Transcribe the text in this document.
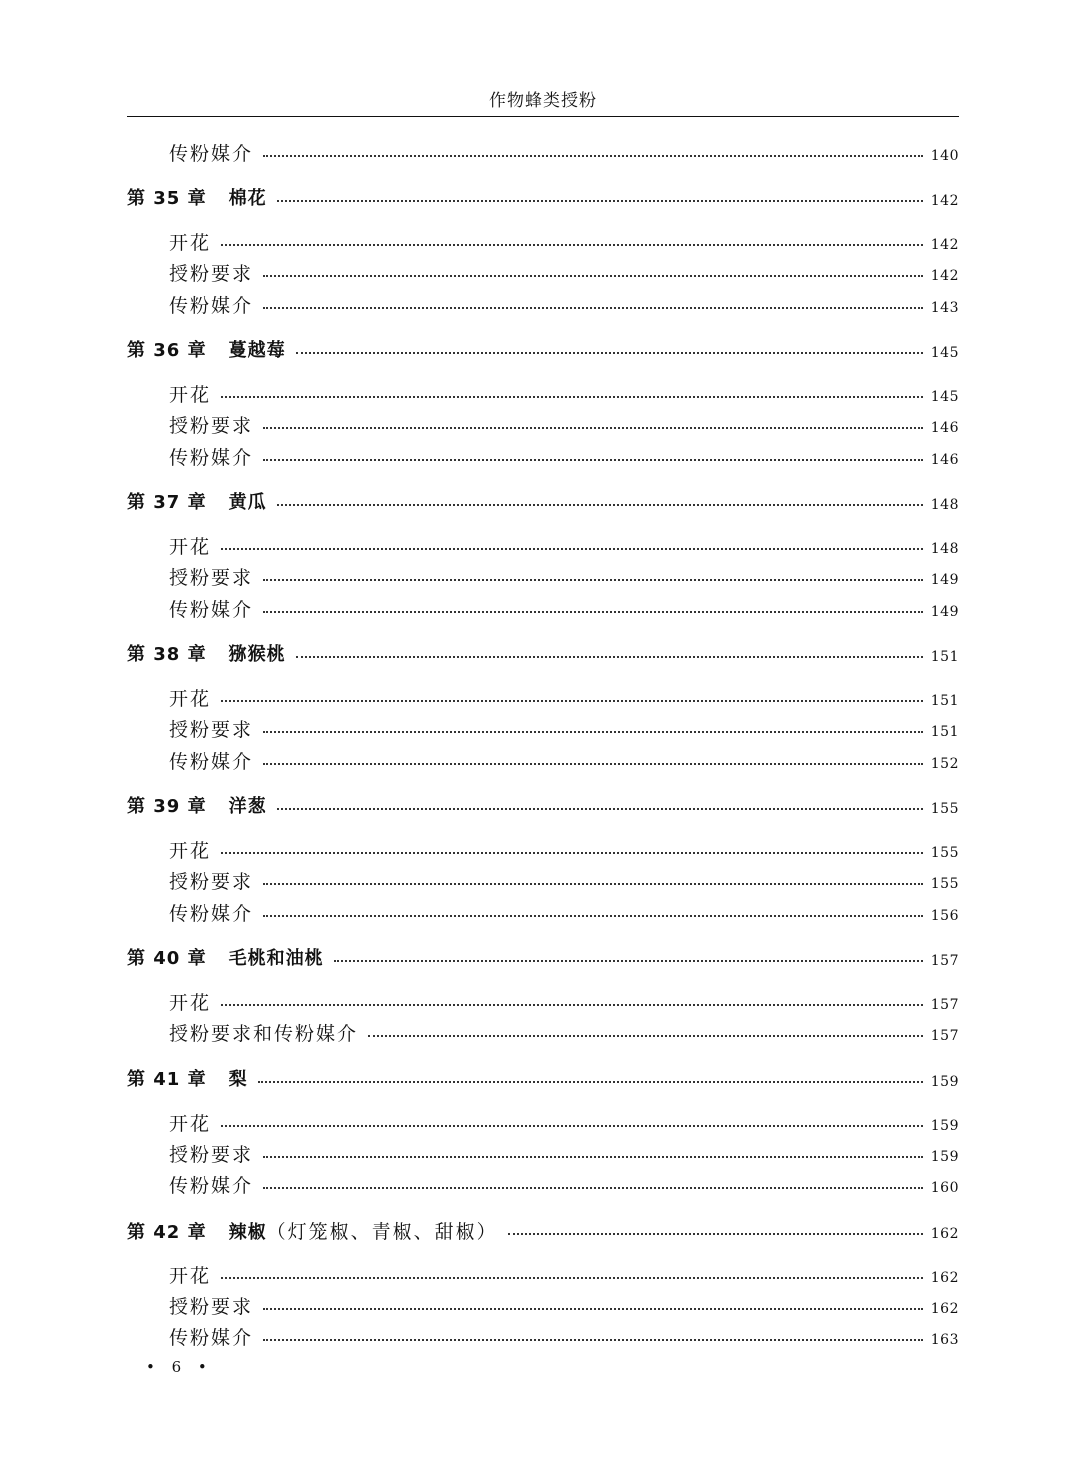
作物蜂类授粉
传粉媒介	140
第 35 章 棉花	142
开花	142
授粉要求	142
传粉媒介	143
第 36 章 蔓越莓	145
开花	145
授粉要求	146
传粉媒介	146
第 37 章 黄瓜	148
开花	148
授粉要求	149
传粉媒介	149
第 38 章 猕猴桃	151
开花	151
授粉要求	151
传粉媒介	152
第 39 章 洋葱	155
开花	155
授粉要求	155
传粉媒介	156
第 40 章 毛桃和油桃	157
开花	157
授粉要求和传粉媒介	157
第 41 章 梨	159
开花	159
授粉要求	159
传粉媒介	160
第 42 章 辣椒（灯笼椒、青椒、甜椒）	162
开花	162
授粉要求	162
传粉媒介	163
• 6 •
